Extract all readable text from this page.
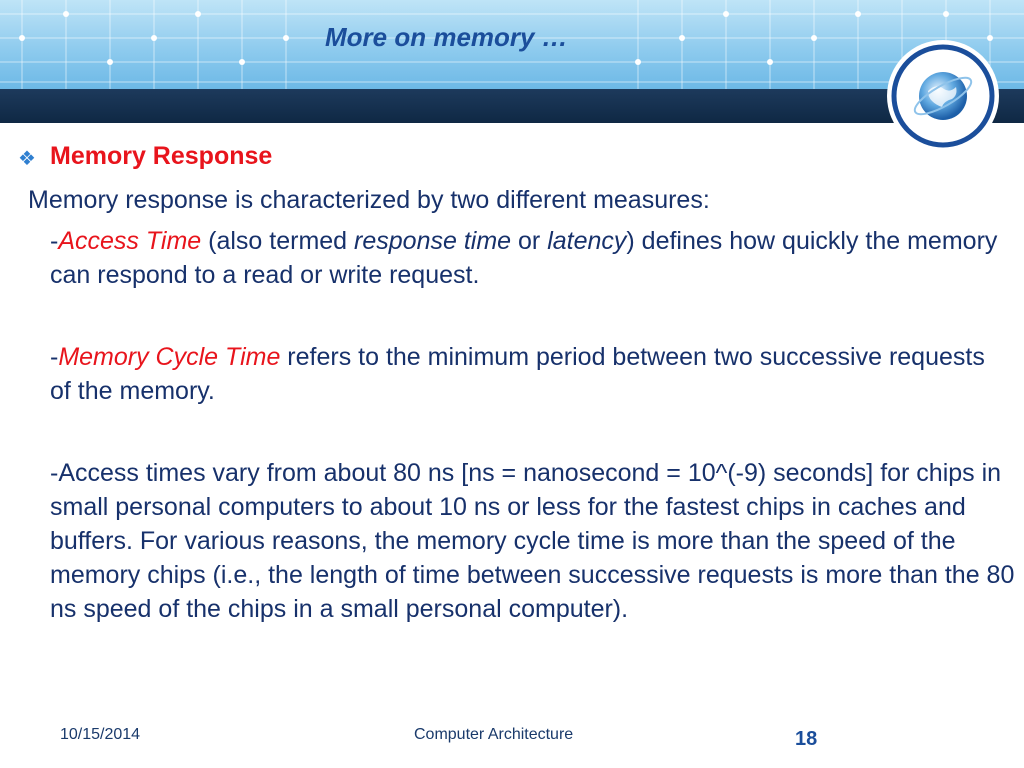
More on memory …
❖ Memory Response
Memory response is characterized by two different measures:
-Access Time (also termed response time or latency) defines how quickly the memory can respond to a read or write request.
-Memory Cycle Time refers to the minimum period between two successive requests of the memory.
-Access times vary from about 80 ns [ns = nanosecond = 10^(-9) seconds] for chips in small personal computers to about 10 ns or less for the fastest chips in caches and buffers. For various reasons, the memory cycle time is more than the speed of the memory chips (i.e., the length of time between successive requests is more than the 80 ns speed of the chips in a small personal computer).
10/15/2014	Computer Architecture	18
